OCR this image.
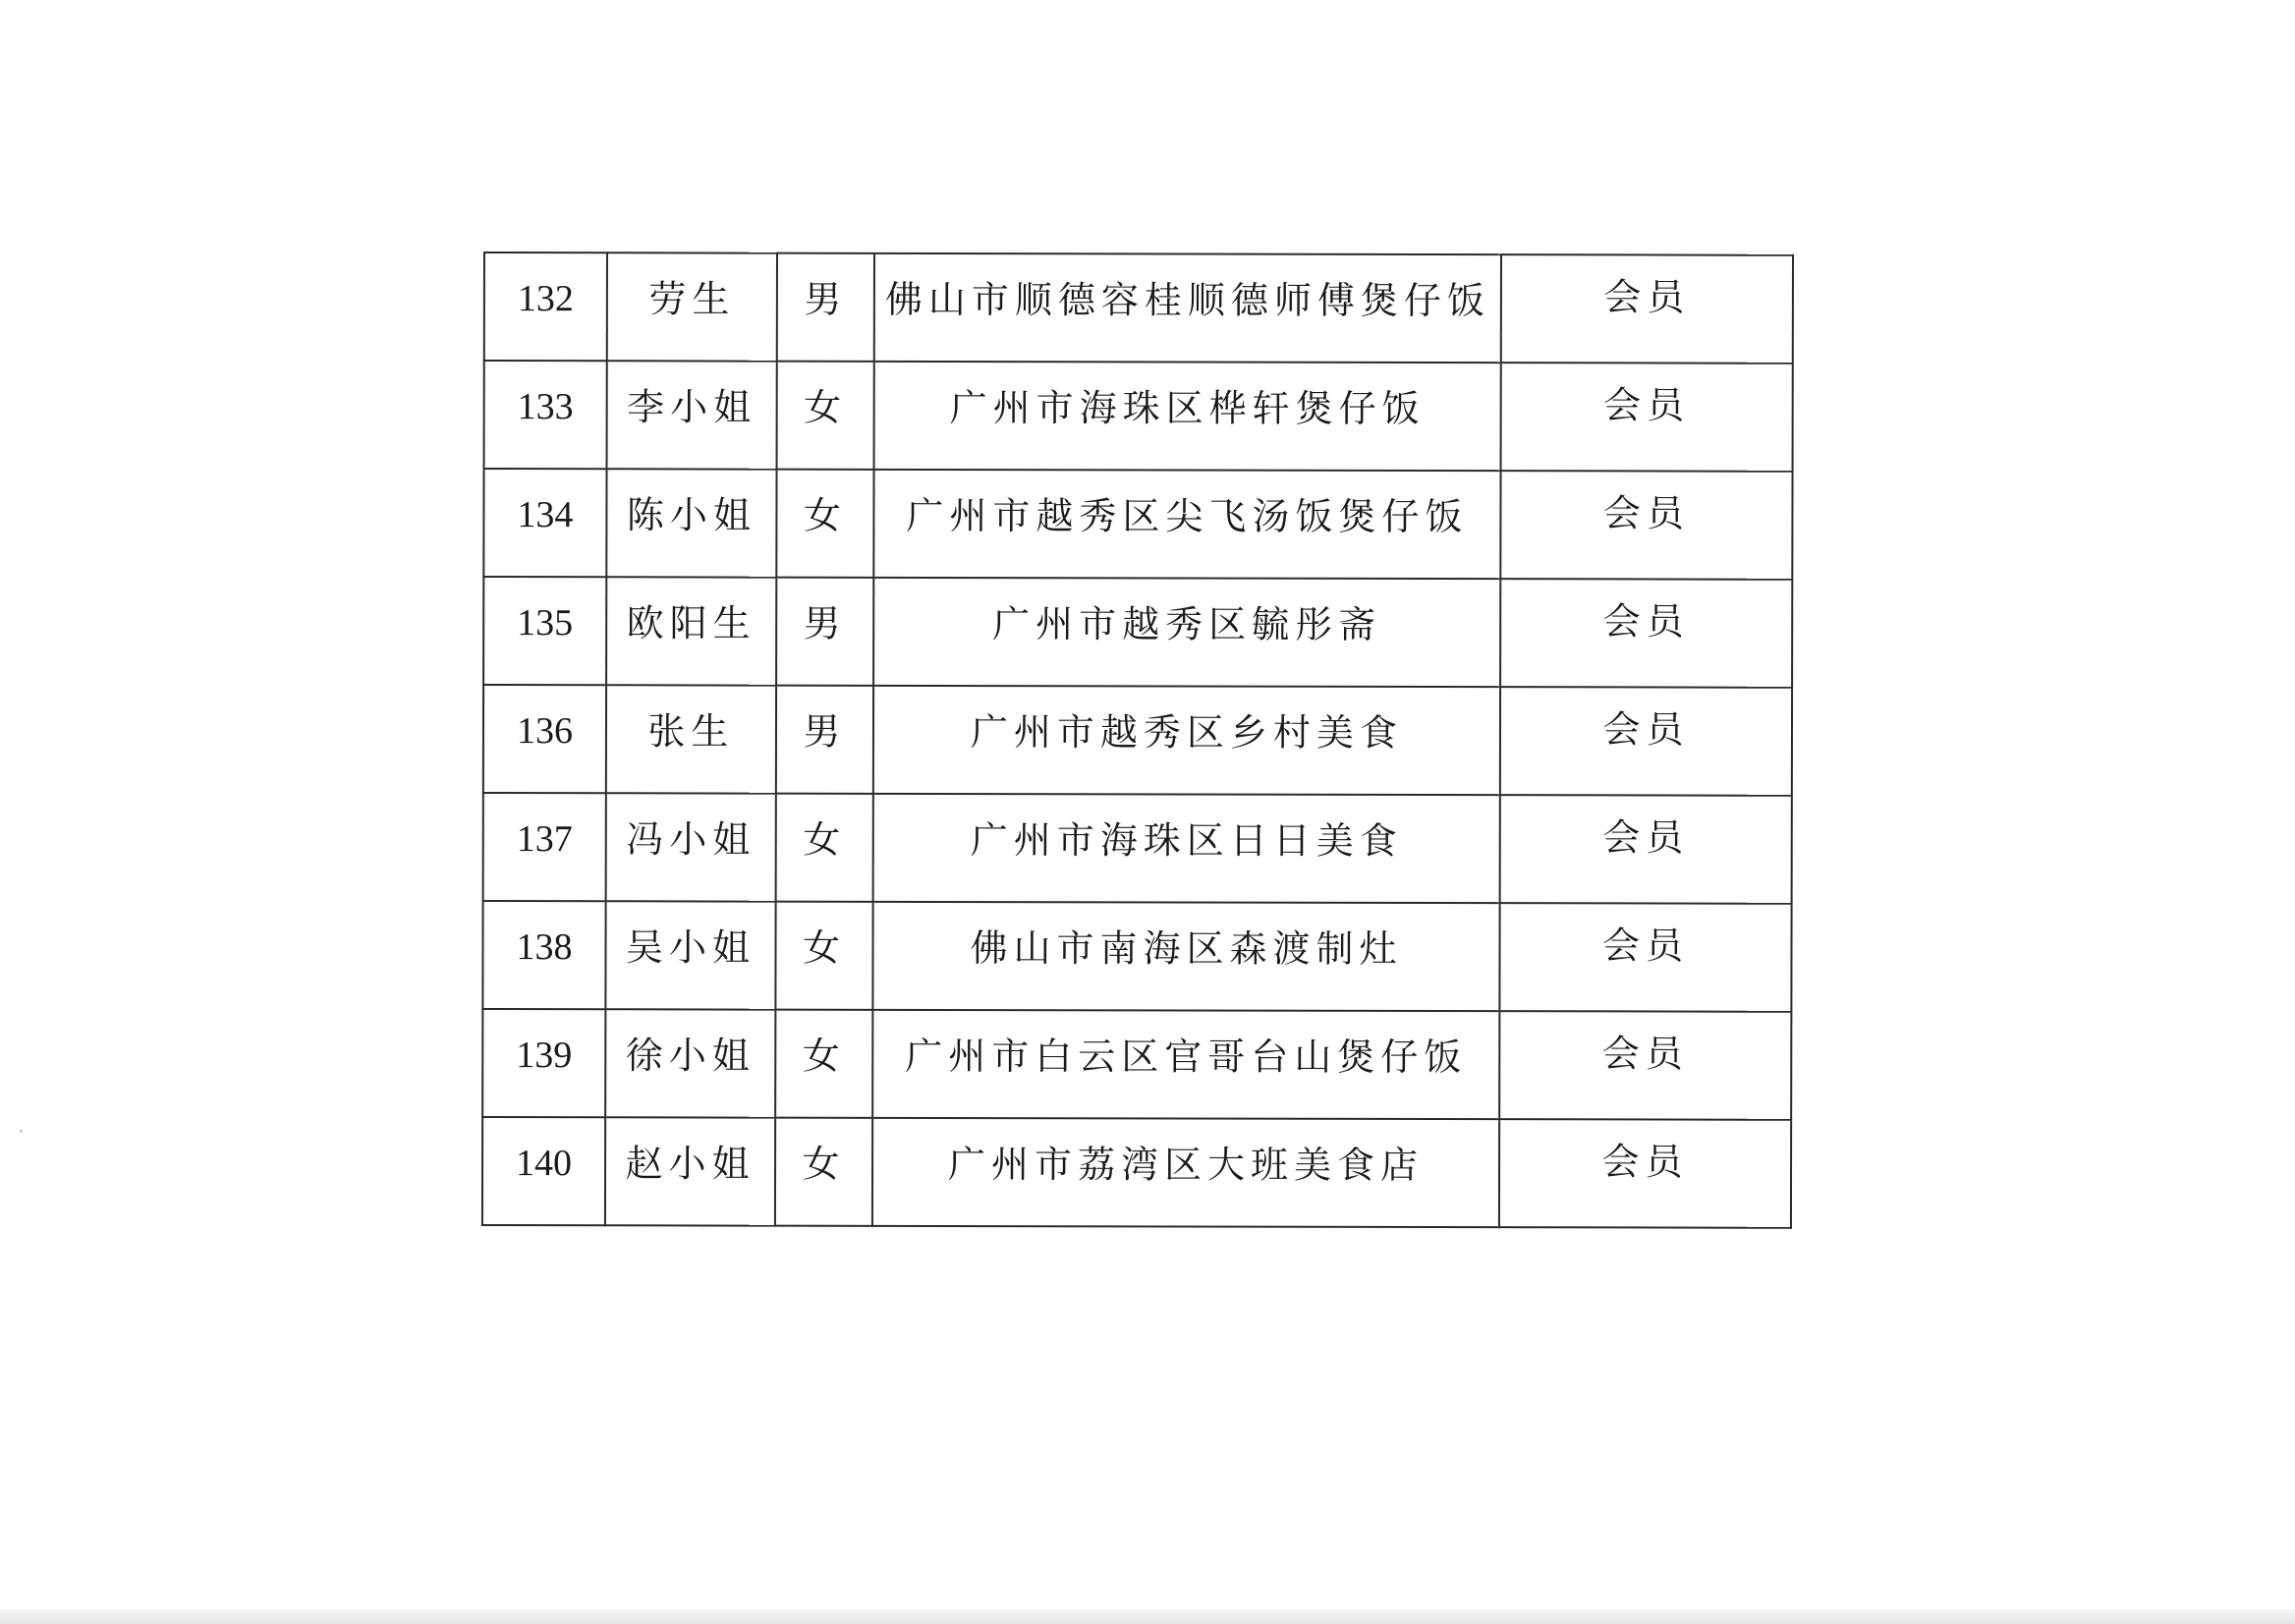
132	劳生	男	佛山市顺德容桂顺德师傅煲仔饭	会员
133	李小姐	女	广州市海珠区桦轩煲仔饭	会员
134	陈小姐	女	广州市越秀区尖飞汤饭煲仔饭	会员
135	欧阳生	男	广州市越秀区毓彤斋	会员
136	张生	男	广州市越秀区乡村美食	会员
137	冯小姐	女	广州市海珠区日日美食	会员
138	吴小姐	女	佛山市南海区森渡制灶	会员
139	徐小姐	女	广州市白云区官哥台山煲仔饭	会员
140	赵小姐	女	广州市荔湾区大班美食店	会员
